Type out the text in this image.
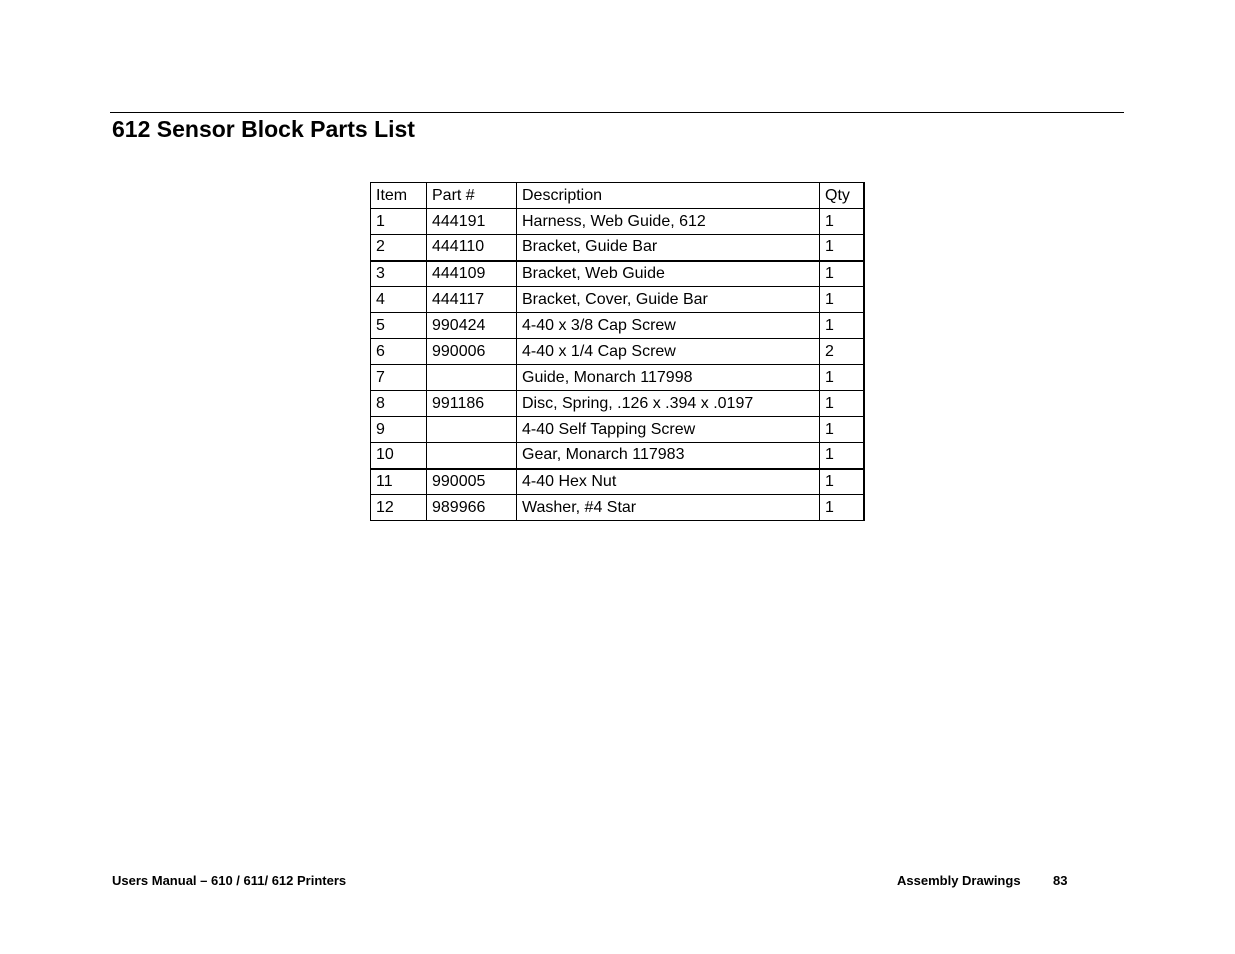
612 Sensor Block Parts List
Item	Part #	Description	Qty
1	444191	Harness, Web Guide, 612	1
2	444110	Bracket, Guide Bar	1
3	444109	Bracket, Web Guide	1
4	444117	Bracket, Cover, Guide Bar	1
5	990424	4-40 x 3/8 Cap Screw	1
6	990006	4-40 x 1/4 Cap Screw	2
7		Guide, Monarch 117998	1
8	991186	Disc, Spring, .126 x .394 x .0197	1
9		4-40 Self Tapping Screw	1
10		Gear, Monarch 117983	1
11	990005	4-40 Hex Nut	1
12	989966	Washer, #4 Star	1
Users Manual – 610 / 611/ 612 Printers	Assembly Drawings 83
